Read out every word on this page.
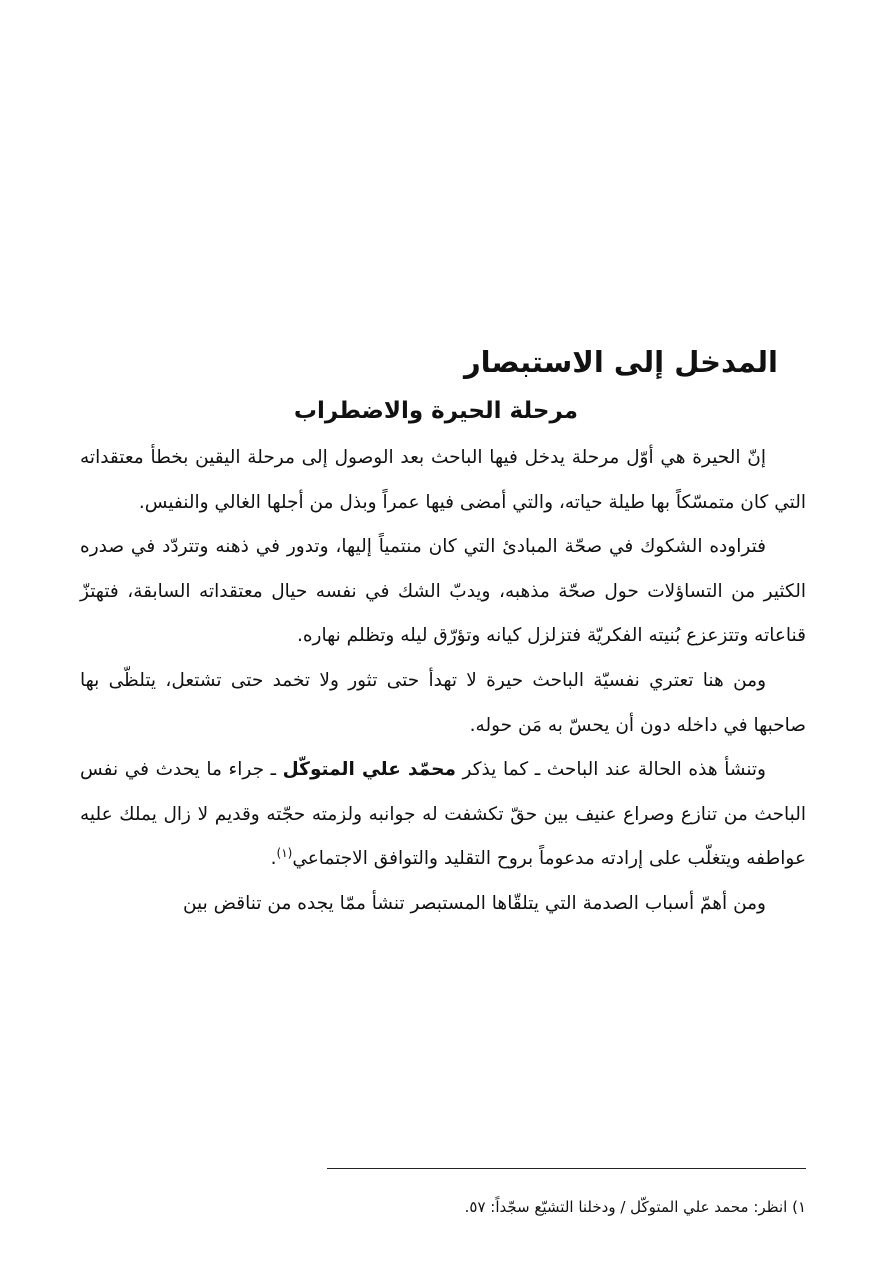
المدخل إلى الاستبصار
مرحلة الحيرة والاضطراب

إنّ الحيرة هي أوّل مرحلة يدخل فيها الباحث بعد الوصول إلى مرحلة اليقين بخطأ معتقداته التي كان متمسّكاً بها طيلة حياته، والتي أمضى فيها عمراً وبذل من أجلها الغالي والنفيس.

فتراوده الشكوك في صحّة المبادئ التي كان منتمياً إليها، وتدور في ذهنه وتتردّد في صدره الكثير من التساؤلات حول صحّة مذهبه، ويدبّ الشك في نفسه حيال معتقداته السابقة، فتهتزّ قناعاته وتتزعزع بُنيته الفكريّة فتزلزل كيانه وتؤرّق ليله وتظلم نهاره.

ومن هنا تعتري نفسيّة الباحث حيرة لا تهدأ حتى تثور ولا تخمد حتى تشتعل، يتلظّى بها صاحبها في داخله دون أن يحسّ به مَن حوله.

وتنشأ هذه الحالة عند الباحث ـ كما يذكر محمّد علي المتوكّل ـ جراء ما يحدث في نفس الباحث من تنازع وصراع عنيف بين حقّ تكشفت له جوانبه ولزمته حجّته وقديم لا زال يملك عليه عواطفه ويتغلّب على إرادته مدعوماً بروح التقليد والتوافق الاجتماعي$^{(١)}$.

ومن أهمّ أسباب الصدمة التي يتلقّاها المستبصر تنشأ ممّا يجده من تناقض بين

١) انظر: محمد علي المتوكّل / ودخلنا التشيّع سجّداً: ٥٧.
